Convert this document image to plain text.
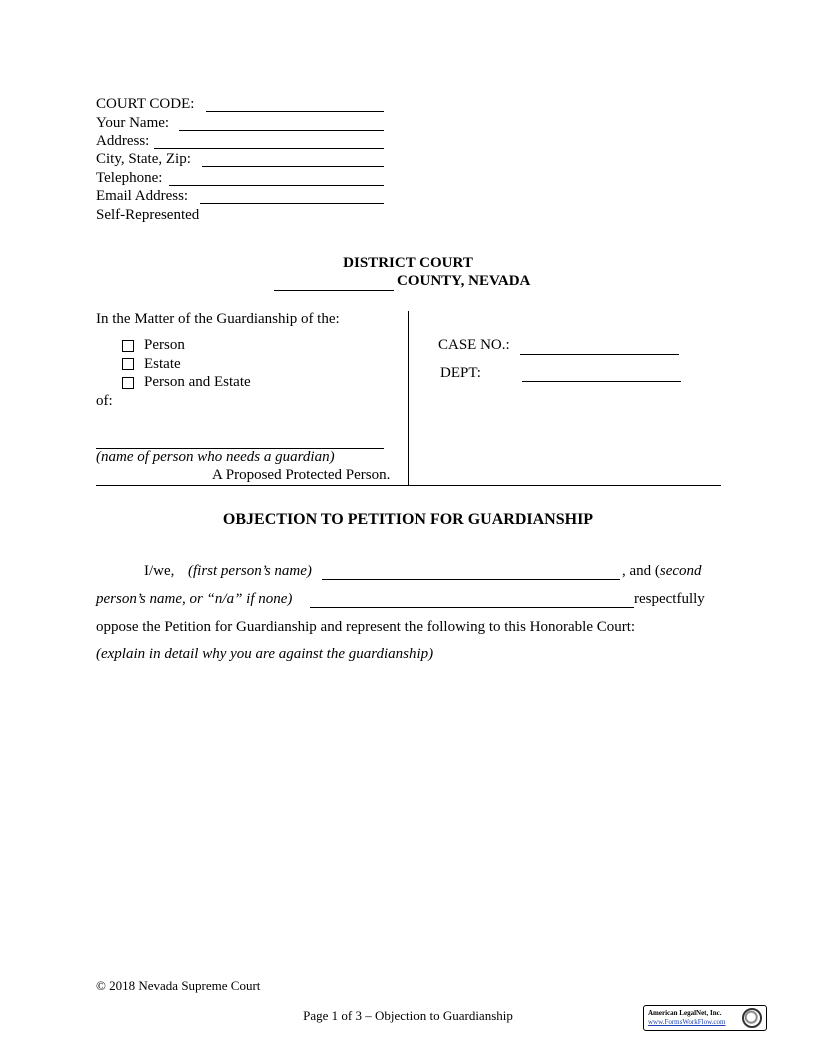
COURT CODE:
Your Name:
Address:
City, State, Zip:
Telephone:
Email Address:
Self-Represented
DISTRICT COURT
COUNTY, NEVADA
In the Matter of the Guardianship of the:
Person
Estate
Person and Estate
of:
(name of person who needs a guardian)
A Proposed Protected Person.
CASE NO.:
DEPT:
OBJECTION TO PETITION FOR GUARDIANSHIP
I/we, (first person’s name)	, and (second
person’s name, or “n/a” if none)	respectfully
oppose the Petition for Guardianship and represent the following to this Honorable Court:
(explain in detail why you are against the guardianship)
© 2018 Nevada Supreme Court
Page 1 of 3 – Objection to Guardianship	American LegalNet, Inc.
www.FormsWorkFlow.com
